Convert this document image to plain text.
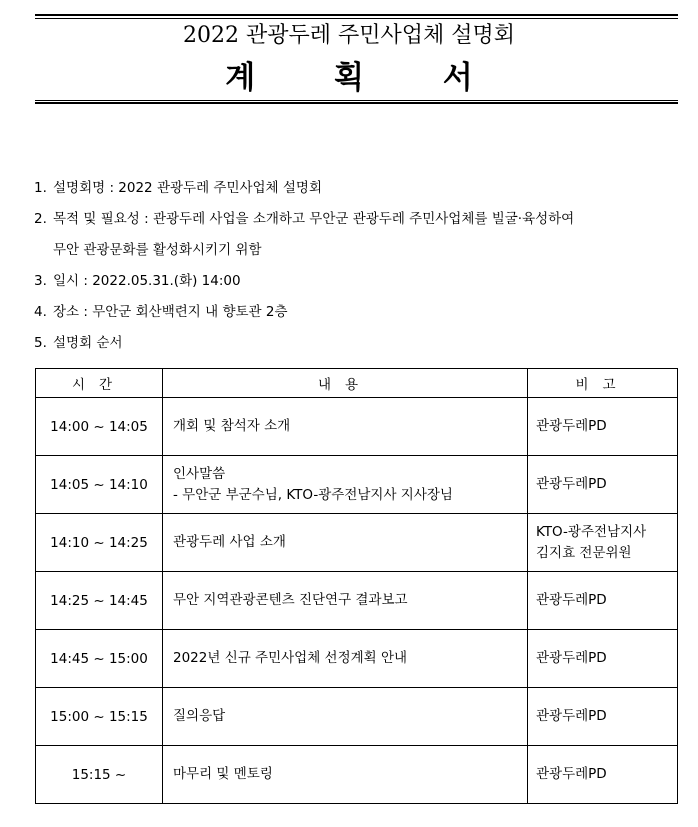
2022 관광두레 주민사업체 설명회
계 획 서
1. 설명회명 : 2022 관광두레 주민사업체 설명회
2. 목적 및 필요성 : 관광두레 사업을 소개하고 무안군 관광두레 주민사업체를 빌굴·육성하여
무안 관광문화를 활성화시키기 위함
3. 일시 : 2022.05.31.(화) 14:00
4. 장소 : 무안군 회산백련지 내 향토관 2층
5. 설명회 순서
시간	내용	비고
14:00 ~ 14:05	개회 및 참석자 소개	관광두레PD

14:05 ~ 14:10	인사말씀
- 무안군 부군수님, KTO-광주전남지사 지사장님	관광두레PD

14:10 ~ 14:25	관광두레 사업 소개	KTO-광주전남지사
김지효 전문위원

14:25 ~ 14:45	무안 지역관광콘텐츠 진단연구 결과보고	관광두레PD

14:45 ~ 15:00	2022년 신규 주민사업체 선정계획 안내	관광두레PD

15:00 ~ 15:15	질의응답	관광두레PD

15:15 ~	마무리 및 멘토링	관광두레PD
